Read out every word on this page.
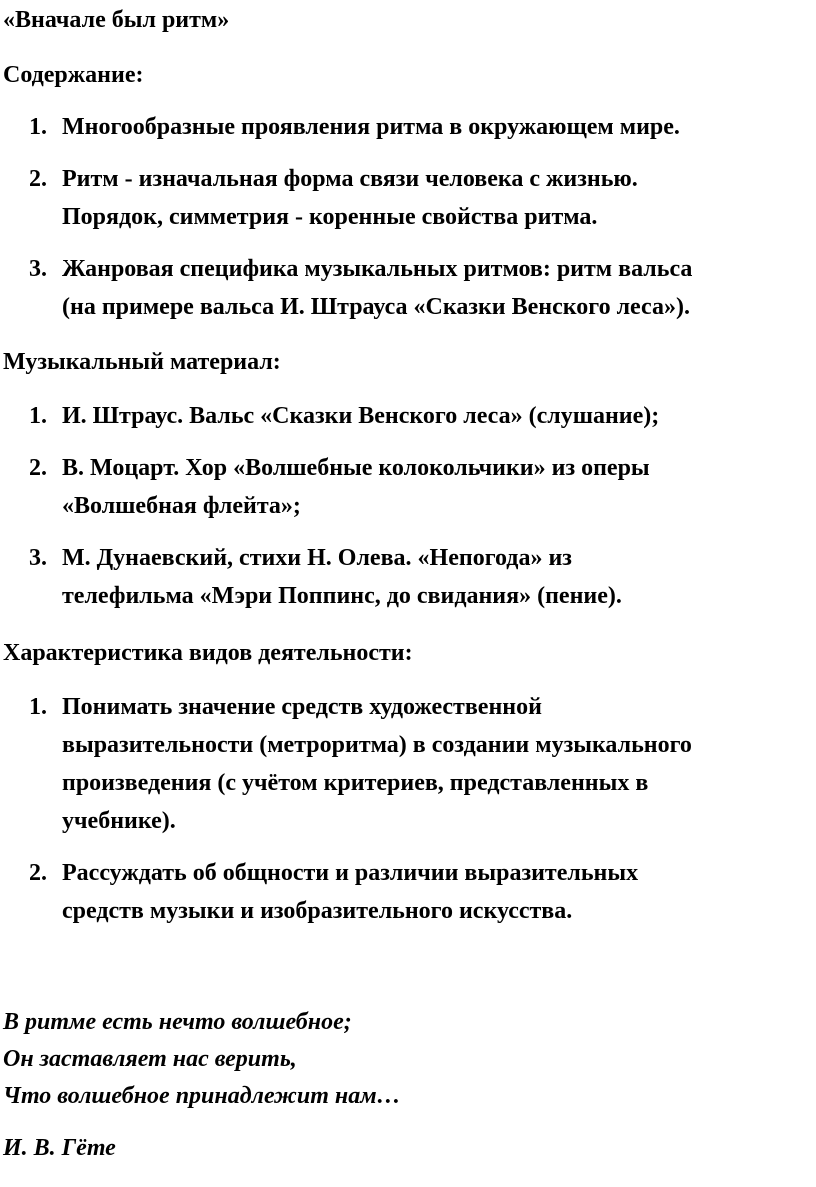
«Вначале был ритм»
Содержание:
1. Многообразные проявления ритма в окружающем мире.
2. Ритм - изначальная форма связи человека с жизнью.
Порядок, симметрия - коренные свойства ритма.
3. Жанровая специфика музыкальных ритмов: ритм вальса
(на примере вальса И. Штрауса «Сказки Венского леса»).
Музыкальный материал:
1. И. Штраус. Вальс «Сказки Венского леса» (слушание);
2. В. Моцарт. Хор «Волшебные колокольчики» из оперы
«Волшебная флейта»;
3. М. Дунаевский, стихи Н. Олева. «Непогода» из
телефильма «Мэри Поппинс, до свидания» (пение).
Характеристика видов деятельности:
1. Понимать значение средств художественной
выразительности (метроритма) в создании музыкального
произведения (с учётом критериев, представленных в
учебнике).
2. Рассуждать об общности и различии выразительных
средств музыки и изобразительного искусства.
В ритме есть нечто волшебное;
Он заставляет нас верить,
Что волшебное принадлежит нам…
И. В. Гёте
